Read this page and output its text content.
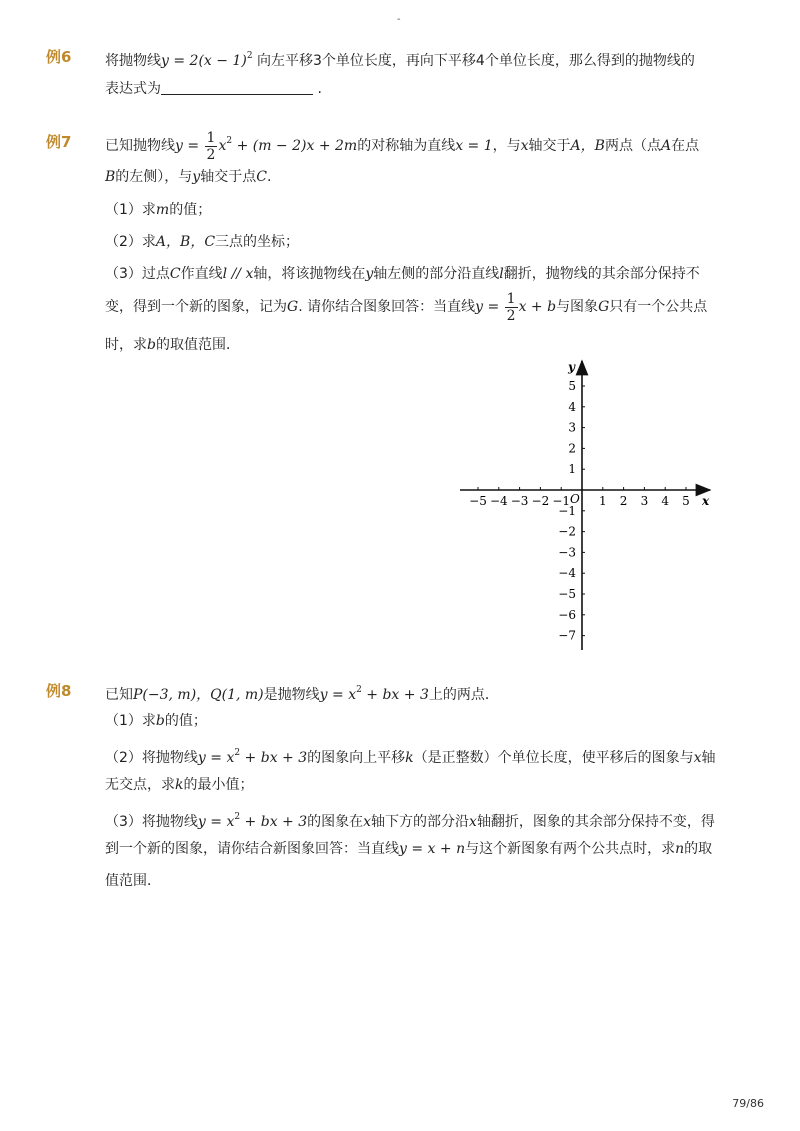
-
例6 将抛物线$y = 2(x - 1)^2$ 向左平移3个单位长度，再向下平移4个单位长度，那么得到的抛物线的
表达式为	.
例7 已知抛物线$y = \frac{1}{2} x^2 + (m - 2)x + 2m$的对称轴为直线x = 1，与x轴交于A，B两点（点A在点
B的左侧），与y轴交于点C.
（1）求m的值；
（2）求A，B，C三点的坐标；
（3）过点C作直线l // x轴，将该抛物线在y轴左侧的部分沿直线l翻折，抛物线的其余部分保持不
变，得到一个新的图象，记为G. 请你结合图象回答：当直线$y = \frac{1}{2}$ x + b与图象G只有一个公共点
时，求b的取值范围．
−5 −4 −3 −2 −1 1 2 3 4 5
5
4
3
2
1
−1
−2
−3
−4
−5
−6
−7
y
x
O
例8 已知P(−3, m)，Q(1, m)是抛物线$y = x^2$ + bx + 3上的两点．
（1）求b的值；
（2）将抛物线$y = x^2$ + bx + 3的图象向上平移k（是正整数）个单位长度，使平移后的图象与x轴
无交点，求k的最小值；
（3）将抛物线$y = x^2$ + bx + 3的图象在x轴下方的部分沿x轴翻折，图象的其余部分保持不变，得
到一个新的图象，请你结合新图象回答：当直线y = x + n与这个新图象有两个公共点时，求n的取
值范围．
79/86
